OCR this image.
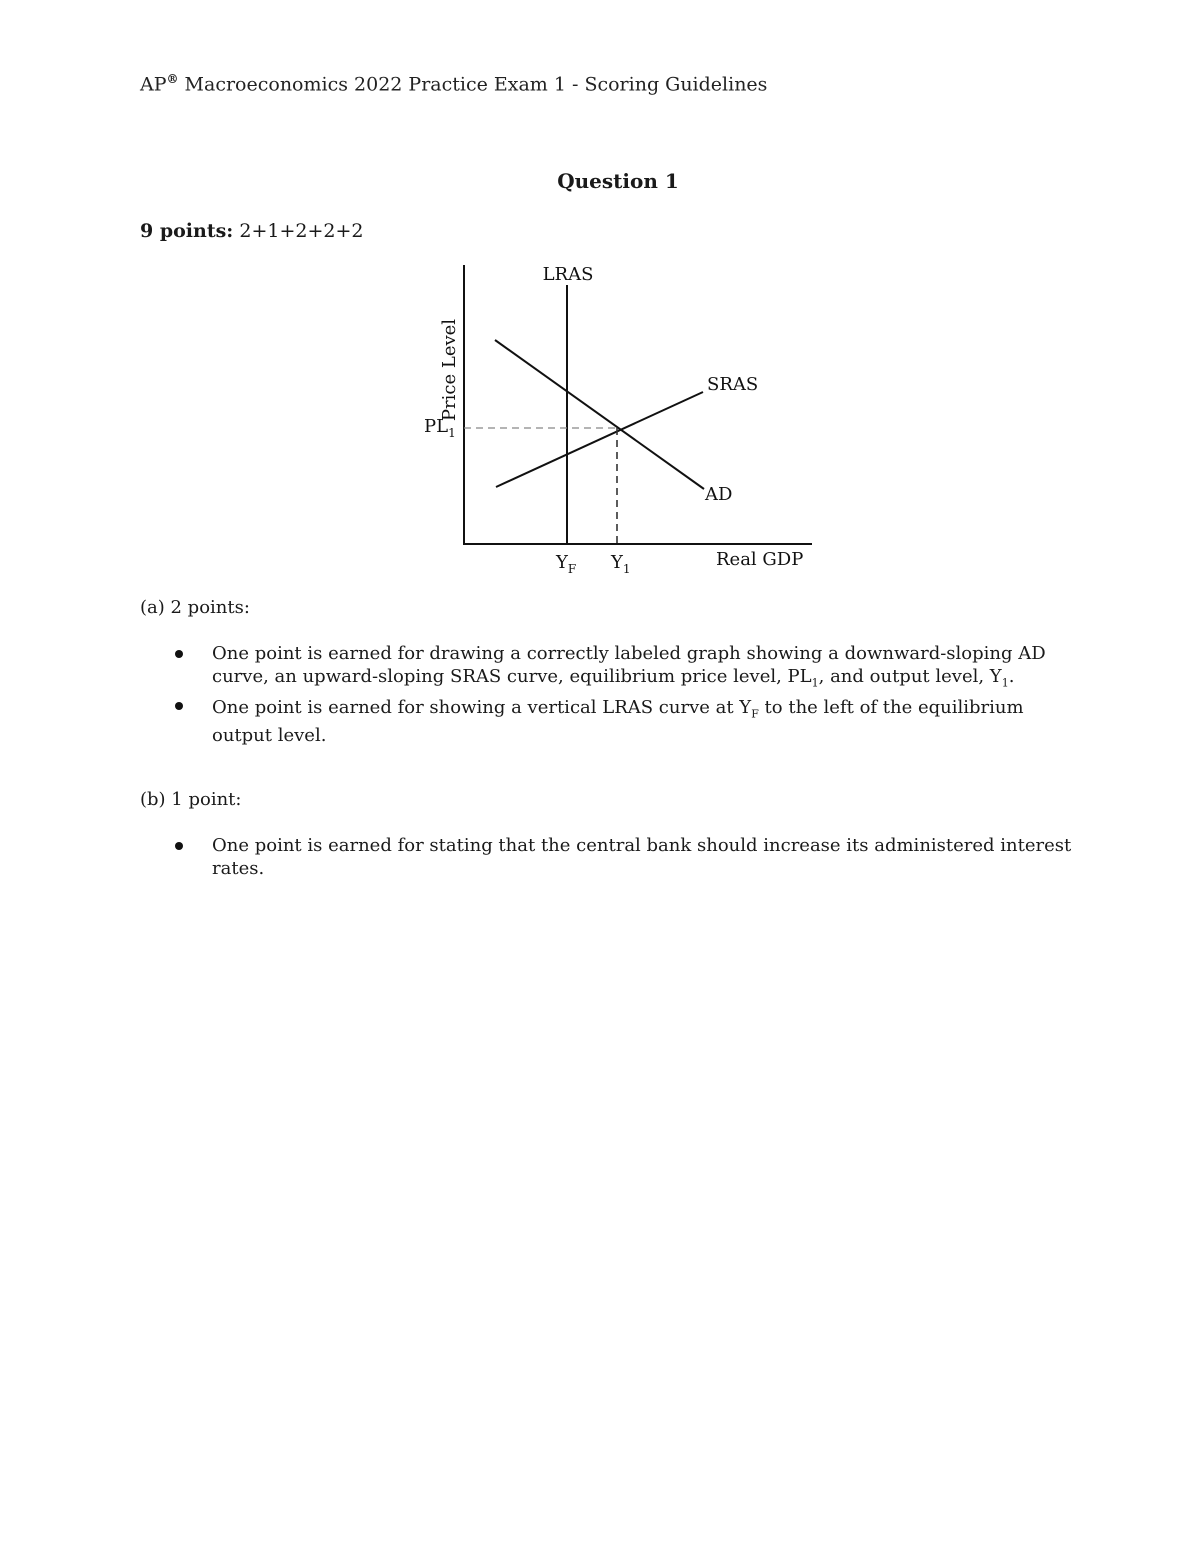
AP® Macroeconomics 2022 Practice Exam 1 - Scoring Guidelines
Question 1
9 points: 2+1+2+2+2
Price Level
LRAS
SRAS
AD
$PL_1$
$Y_F$ $Y_1$	Real GDP
(a) 2 points:
One point is earned for drawing a correctly labeled graph showing a downward-sloping AD curve, an upward-sloping SRAS curve, equilibrium price level, $PL_1$, and output level, $Y_1$.
One point is earned for showing a vertical LRAS curve at $Y_F$ to the left of the equilibrium output level.
(b) 1 point:
One point is earned for stating that the central bank should increase its administered interest rates.
